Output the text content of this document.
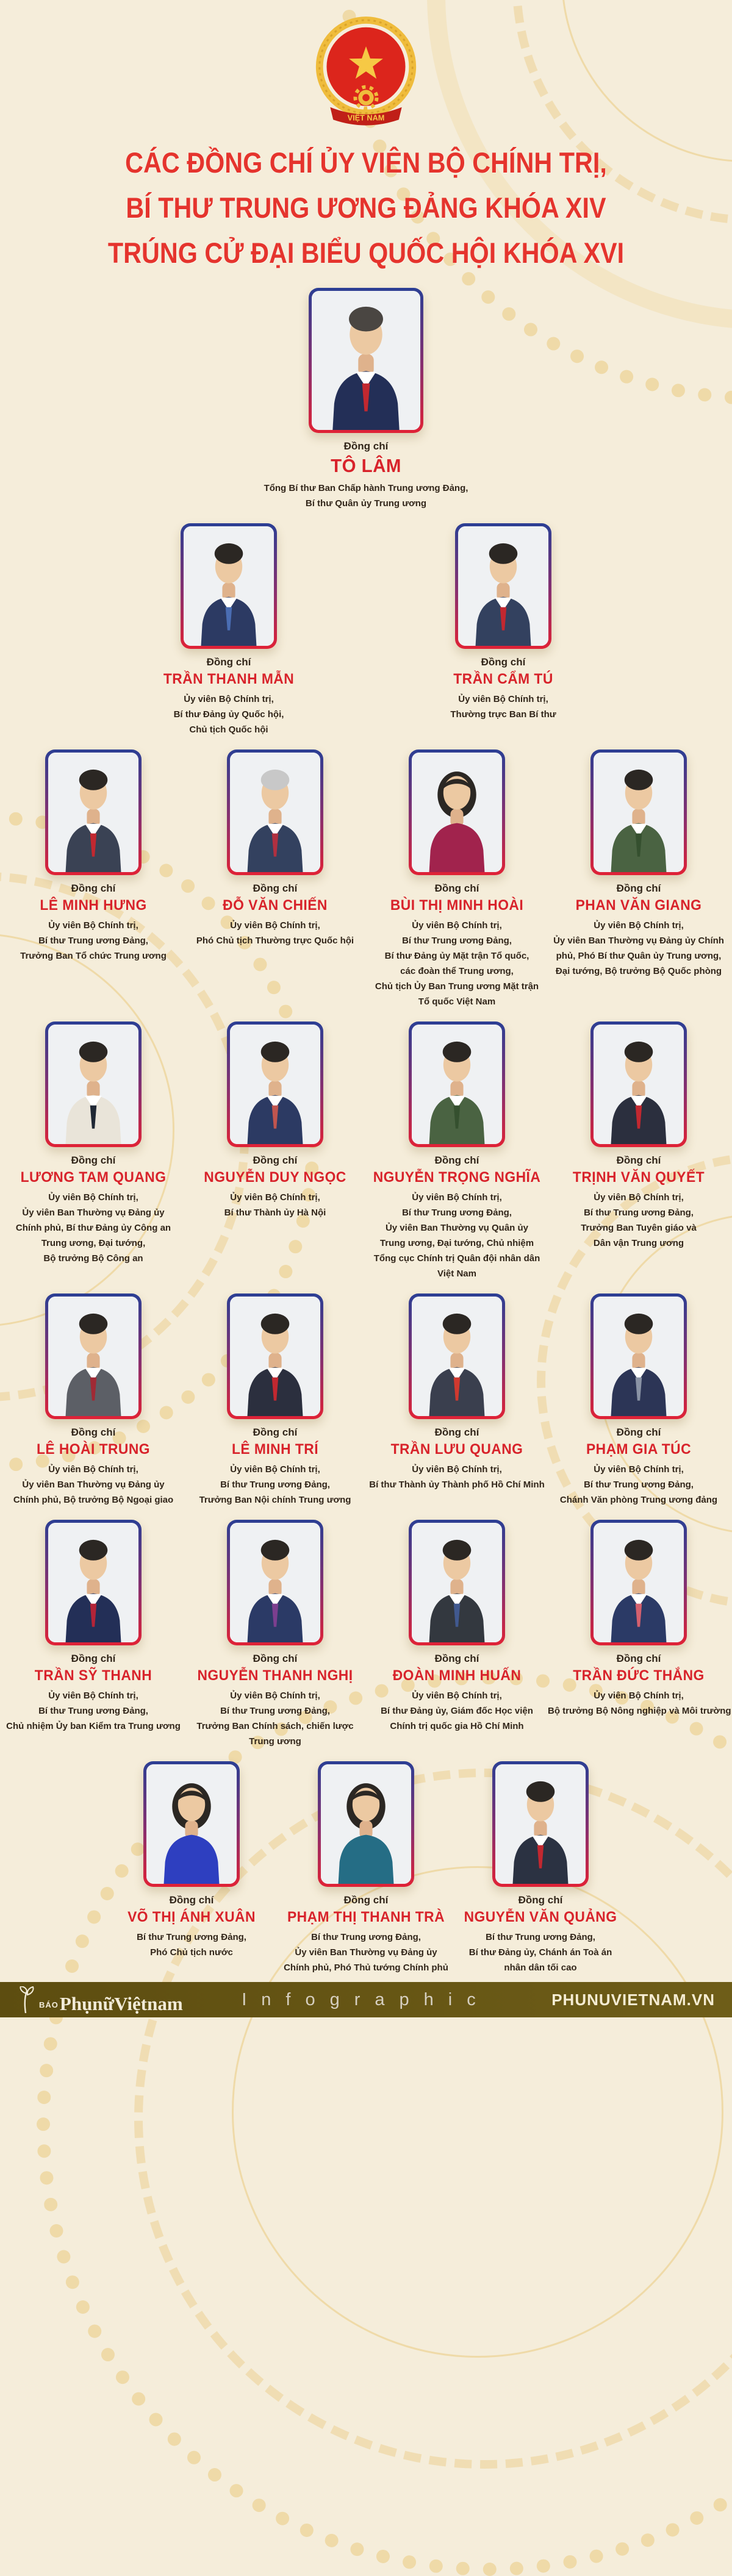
VIỆT NAM
CÁC ĐỒNG CHÍ ỦY VIÊN BỘ CHÍNH TRỊ,
BÍ THƯ TRUNG ƯƠNG ĐẢNG KHÓA XIV
TRÚNG CỬ ĐẠI BIỂU QUỐC HỘI KHÓA XVI
Đồng chí
TÔ LÂM
Tổng Bí thư Ban Chấp hành Trung ương Đảng,
Bí thư Quân ủy Trung ương
Đồng chí
TRẦN THANH MẪN
Ủy viên Bộ Chính trị,
Bí thư Đảng ủy Quốc hội,
Chủ tịch Quốc hội
Đồng chí
TRẦN CẨM TÚ
Ủy viên Bộ Chính trị,
Thường trực Ban Bí thư
Đồng chí
LÊ MINH HƯNG
Ủy viên Bộ Chính trị,
Bí thư Trung ương Đảng,
Trưởng Ban Tổ chức Trung ương
Đồng chí
ĐỖ VĂN CHIẾN
Ủy viên Bộ Chính trị,
Phó Chủ tịch Thường trực Quốc hội
Đồng chí
BÙI THỊ MINH HOÀI
Ủy viên Bộ Chính trị,
Bí thư Trung ương Đảng,
Bí thư Đảng ủy Mặt trận Tổ quốc,
các đoàn thể Trung ương,
Chủ tịch Ủy Ban Trung ương Mặt trận
Tổ quốc Việt Nam
Đồng chí
PHAN VĂN GIANG
Ủy viên Bộ Chính trị,
Ủy viên Ban Thường vụ Đảng ủy Chính
phủ, Phó Bí thư Quân ủy Trung ương,
Đại tướng, Bộ trưởng Bộ Quốc phòng
Đồng chí
LƯƠNG TAM QUANG
Ủy viên Bộ Chính trị,
Ủy viên Ban Thường vụ Đảng ủy
Chính phủ, Bí thư Đảng ủy Công an
Trung ương, Đại tướng,
Bộ trưởng Bộ Công an
Đồng chí
NGUYỄN DUY NGỌC
Ủy viên Bộ Chính trị,
Bí thư Thành ủy Hà Nội
Đồng chí
NGUYỄN TRỌNG NGHĨA
Ủy viên Bộ Chính trị,
Bí thư Trung ương Đảng,
Ủy viên Ban Thường vụ Quân ủy
Trung ương, Đại tướng, Chủ nhiệm
Tổng cục Chính trị Quân đội nhân dân
Việt Nam
Đồng chí
TRỊNH VĂN QUYẾT
Ủy viên Bộ Chính trị,
Bí thư Trung ương Đảng,
Trưởng Ban Tuyên giáo và
Dân vận Trung ương
Đồng chí
LÊ HOÀI TRUNG
Ủy viên Bộ Chính trị,
Ủy viên Ban Thường vụ Đảng ủy
Chính phủ, Bộ trưởng Bộ Ngoại giao
Đồng chí
LÊ MINH TRÍ
Ủy viên Bộ Chính trị,
Bí thư Trung ương Đảng,
Trưởng Ban Nội chính Trung ương
Đồng chí
TRẦN LƯU QUANG
Ủy viên Bộ Chính trị,
Bí thư Thành ủy Thành phố Hồ Chí Minh
Đồng chí
PHẠM GIA TÚC
Ủy viên Bộ Chính trị,
Bí thư Trung ương Đảng,
Chánh Văn phòng Trung ương đảng
Đồng chí
TRẦN SỸ THANH
Ủy viên Bộ Chính trị,
Bí thư Trung ương Đảng,
Chủ nhiệm Ủy ban Kiểm tra Trung ương
Đồng chí
NGUYỄN THANH NGHỊ
Ủy viên Bộ Chính trị,
Bí thư Trung ương Đảng,
Trưởng Ban Chính sách, chiến lược
Trung ương
Đồng chí
ĐOÀN MINH HUẤN
Ủy viên Bộ Chính trị,
Bí thư Đảng ủy, Giám đốc Học viện
Chính trị quốc gia Hồ Chí Minh
Đồng chí
TRẦN ĐỨC THẮNG
Ủy viên Bộ Chính trị,
Bộ trưởng Bộ Nông nghiệp và Môi trường
Đồng chí
VÕ THỊ ÁNH XUÂN
Bí thư Trung ương Đảng,
Phó Chủ tịch nước
Đồng chí
PHẠM THỊ THANH TRÀ
Bí thư Trung ương Đảng,
Ủy viên Ban Thường vụ Đảng ủy
Chính phủ, Phó Thủ tướng Chính phủ
Đồng chí
NGUYỄN VĂN QUẢNG
Bí thư Trung ương Đảng,
Bí thư Đảng ủy, Chánh án Toà án
nhân dân tối cao
BÁO PhụnữViệtnam	Infographic	PHUNUVIETNAM.VN
